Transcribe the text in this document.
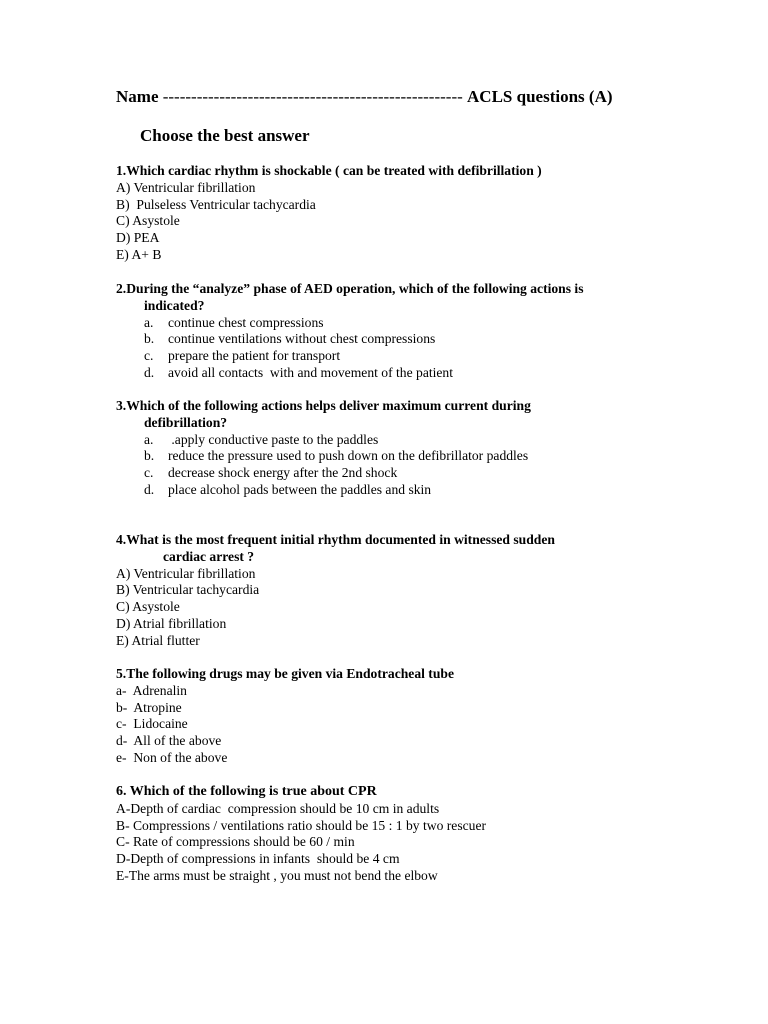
Name ----------------------------------------------------- ACLS questions (A)
Choose the best answer
1.Which cardiac rhythm is shockable ( can be treated with defibrillation )
A) Ventricular fibrillation
B)  Pulseless Ventricular tachycardia
C) Asystole
D) PEA
E) A+ B
2.During the “analyze” phase of AED operation, which of the following actions is
indicated?
a. continue chest compressions
b. continue ventilations without chest compressions
c. prepare the patient for transport
d. avoid all contacts  with and movement of the patient
3.Which of the following actions helps deliver maximum current during
defibrillation?
a. .apply conductive paste to the paddles
b. reduce the pressure used to push down on the defibrillator paddles
c. decrease shock energy after the 2nd shock
d. place alcohol pads between the paddles and skin
4.What is the most frequent initial rhythm documented in witnessed sudden
cardiac arrest ?
A) Ventricular fibrillation
B) Ventricular tachycardia
C) Asystole
D) Atrial fibrillation
E) Atrial flutter
5.The following drugs may be given via Endotracheal tube
a-  Adrenalin
b-  Atropine
c-  Lidocaine
d-  All of the above
e-  Non of the above
6. Which of the following is true about CPR
A-Depth of cardiac  compression should be 10 cm in adults
B- Compressions / ventilations ratio should be 15 : 1 by two rescuer
C- Rate of compressions should be 60 / min
D-Depth of compressions in infants  should be 4 cm
E-The arms must be straight , you must not bend the elbow
